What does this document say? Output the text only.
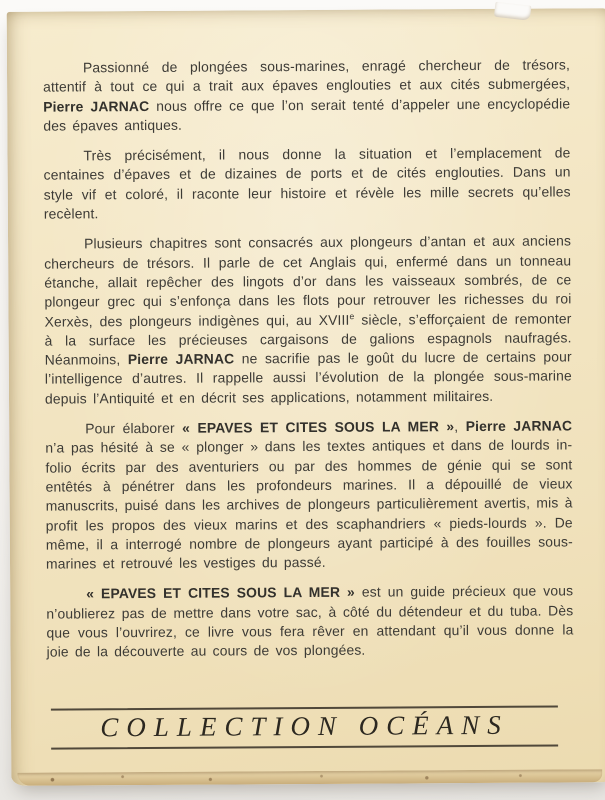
Passionné de plongées sous-marines, enragé chercheur de trésors, attentif à tout ce qui a trait aux épaves englouties et aux cités submergées, Pierre JARNAC nous offre ce que l’on serait tenté d’appeler une encyclopédie des épaves antiques.

Très précisément, il nous donne la situation et l’emplacement de centaines d’épaves et de dizaines de ports et de cités englouties. Dans un style vif et coloré, il raconte leur histoire et révèle les mille secrets qu’elles recèlent.

Plusieurs chapitres sont consacrés aux plongeurs d’antan et aux anciens chercheurs de trésors. Il parle de cet Anglais qui, enfermé dans un tonneau étanche, allait repêcher des lingots d’or dans les vaisseaux sombrés, de ce plongeur grec qui s’enfonça dans les flots pour retrouver les richesses du roi Xerxès, des plongeurs indigènes qui, au XVIIIe siècle, s’efforçaient de remonter à la surface les précieuses cargaisons de galions espagnols naufragés. Néanmoins, Pierre JARNAC ne sacrifie pas le goût du lucre de certains pour l’intelligence d’autres. Il rappelle aussi l’évolution de la plongée sous-marine depuis l’Antiquité et en décrit ses applications, notamment militaires.

Pour élaborer « EPAVES ET CITES SOUS LA MER », Pierre JARNAC n’a pas hésité à se « plonger » dans les textes antiques et dans de lourds in-folio écrits par des aventuriers ou par des hommes de génie qui se sont entêtés à pénétrer dans les profondeurs marines. Il a dépouillé de vieux manuscrits, puisé dans les archives de plongeurs particulièrement avertis, mis à profit les propos des vieux marins et des scaphandriers « pieds-lourds ». De même, il a interrogé nombre de plongeurs ayant participé à des fouilles sous-marines et retrouvé les vestiges du passé.

« EPAVES ET CITES SOUS LA MER » est un guide précieux que vous n’oublierez pas de mettre dans votre sac, à côté du détendeur et du tuba. Dès que vous l’ouvrirez, ce livre vous fera rêver en attendant qu’il vous donne la joie de la découverte au cours de vos plongées.

COLLECTION OCÉANS
